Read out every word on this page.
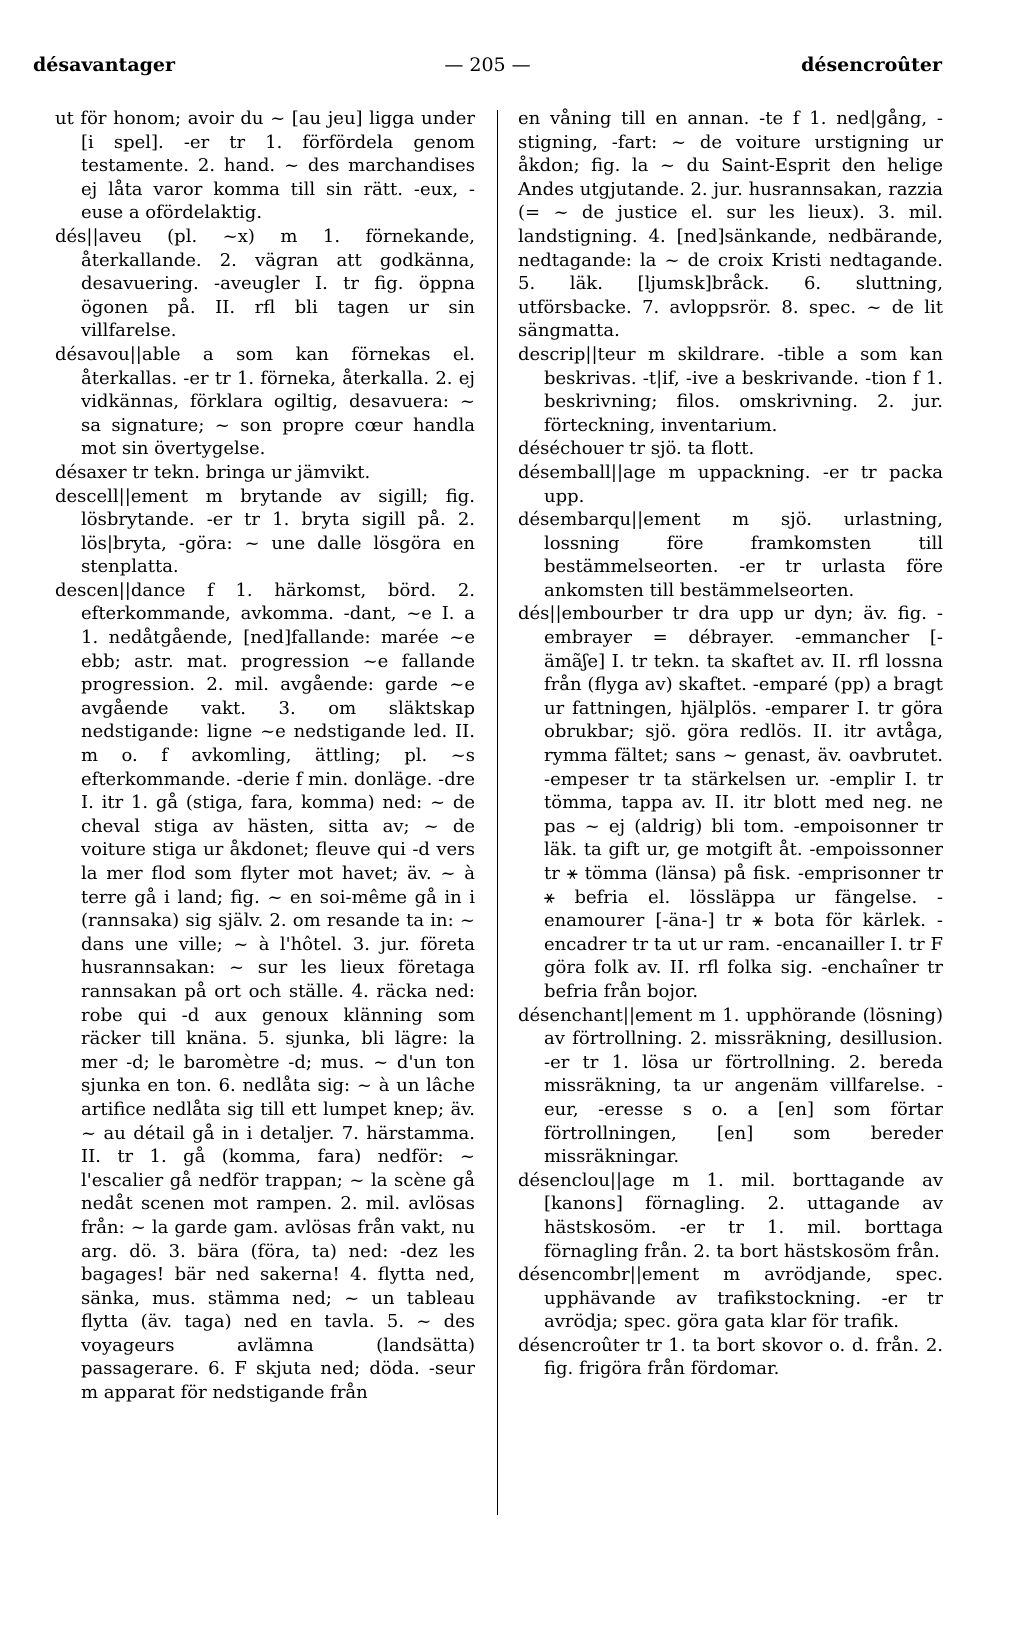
désavantager	— 205 —	désencroûter

ut för honom; avoir du ~ [au jeu] ligga under [i spel]. -er tr 1. förfördela genom testamente. 2. hand. ~ des marchandises ej låta varor komma till sin rätt. -eux, -euse a ofördelaktig.

dés||aveu (pl. ~x) m 1. förnekande, återkallande. 2. vägran att godkänna, desavuering. -aveugler I. tr fig. öppna ögonen på. II. rfl bli tagen ur sin villfarelse.

désavou||able a som kan förnekas el. återkallas. -er tr 1. förneka, återkalla. 2. ej vidkännas, förklara ogiltig, desavuera: ~ sa signature; ~ son propre cœur handla mot sin övertygelse.

désaxer tr tekn. bringa ur jämvikt.

descell||ement m brytande av sigill; fig. lösbrytande. -er tr 1. bryta sigill på. 2. lös|bryta, -göra: ~ une dalle lösgöra en stenplatta.

descen||dance f 1. härkomst, börd. 2. efterkommande, avkomma. -dant, ~e I. a 1. nedåtgående, [ned]fallande: marée ~e ebb; astr. mat. progression ~e fallande progression. 2. mil. avgående: garde ~e avgående vakt. 3. om släktskap nedstigande: ligne ~e nedstigande led. II. m o. f avkomling, ättling; pl. ~s efterkommande. -derie f min. donläge. -dre I. itr 1. gå (stiga, fara, komma) ned: ~ de cheval stiga av hästen, sitta av; ~ de voiture stiga ur åkdonet; fleuve qui -d vers la mer flod som flyter mot havet; äv. ~ à terre gå i land; fig. ~ en soi-même gå in i (rannsaka) sig själv. 2. om resande ta in: ~ dans une ville; ~ à l'hôtel. 3. jur. företa husrannsakan: ~ sur les lieux företaga rannsakan på ort och ställe. 4. räcka ned: robe qui -d aux genoux klänning som räcker till knäna. 5. sjunka, bli lägre: la mer -d; le baromètre -d; mus. ~ d'un ton sjunka en ton. 6. nedlåta sig: ~ à un lâche artifice nedlåta sig till ett lumpet knep; äv. ~ au détail gå in i detaljer. 7. härstamma. II. tr 1. gå (komma, fara) nedför: ~ l'escalier gå nedför trappan; ~ la scène gå nedåt scenen mot rampen. 2. mil. avlösas från: ~ la garde gam. avlösas från vakt, nu arg. dö. 3. bära (föra, ta) ned: -dez les bagages! bär ned sakerna! 4. flytta ned, sänka, mus. stämma ned; ~ un tableau flytta (äv. taga) ned en tavla. 5. ~ des voyageurs avlämna (landsätta) passagerare. 6. F skjuta ned; döda. -seur m apparat för nedstigande från

en våning till en annan. -te f 1. ned|gång, -stigning, -fart: ~ de voiture urstigning ur åkdon; fig. la ~ du Saint-Esprit den helige Andes utgjutande. 2. jur. husrannsakan, razzia (= ~ de justice el. sur les lieux). 3. mil. landstigning. 4. [ned]sänkande, nedbärande, nedtagande: la ~ de croix Kristi nedtagande. 5. läk. [ljumsk]bråck. 6. sluttning, utförsbacke. 7. avloppsrör. 8. spec. ~ de lit sängmatta.

descrip||teur m skildrare. -tible a som kan beskrivas. -t|if, -ive a beskrivande. -tion f 1. beskrivning; filos. omskrivning. 2. jur. förteckning, inventarium.

déséchouer tr sjö. ta flott.

désemball||age m uppackning. -er tr packa upp.

désembarqu||ement m sjö. urlastning, lossning före framkomsten till bestämmelseorten. -er tr urlasta före ankomsten till bestämmelseorten.

dés||embourber tr dra upp ur dyn; äv. fig. -embrayer = débrayer. -emmancher [-ämãʃe] I. tr tekn. ta skaftet av. II. rfl lossna från (flyga av) skaftet. -emparé (pp) a bragt ur fattningen, hjälplös. -emparer I. tr göra obrukbar; sjö. göra redlös. II. itr avtåga, rymma fältet; sans ~ genast, äv. oavbrutet. -empeser tr ta stärkelsen ur. -emplir I. tr tömma, tappa av. II. itr blott med neg. ne pas ~ ej (aldrig) bli tom. -empoisonner tr läk. ta gift ur, ge motgift åt. -empoissonner tr ⚹ tömma (länsa) på fisk. -emprisonner tr ⚹ befria el. lössläppa ur fängelse. -enamourer [-äna-] tr ⚹ bota för kärlek. -encadrer tr ta ut ur ram. -encanailler I. tr F göra folk av. II. rfl folka sig. -enchaîner tr befria från bojor.

désenchant||ement m 1. upphörande (lösning) av förtrollning. 2. missräkning, desillusion. -er tr 1. lösa ur förtrollning. 2. bereda missräkning, ta ur angenäm villfarelse. -eur, -eresse s o. a [en] som förtar förtrollningen, [en] som bereder missräkningar.

désenclou||age m 1. mil. borttagande av [kanons] förnagling. 2. uttagande av hästskosöm. -er tr 1. mil. borttaga förnagling från. 2. ta bort hästskosöm från.

désencombr||ement m avrödjande, spec. upphävande av trafikstockning. -er tr avrödja; spec. göra gata klar för trafik.

désencroûter tr 1. ta bort skovor o. d. från. 2. fig. frigöra från fördomar.
